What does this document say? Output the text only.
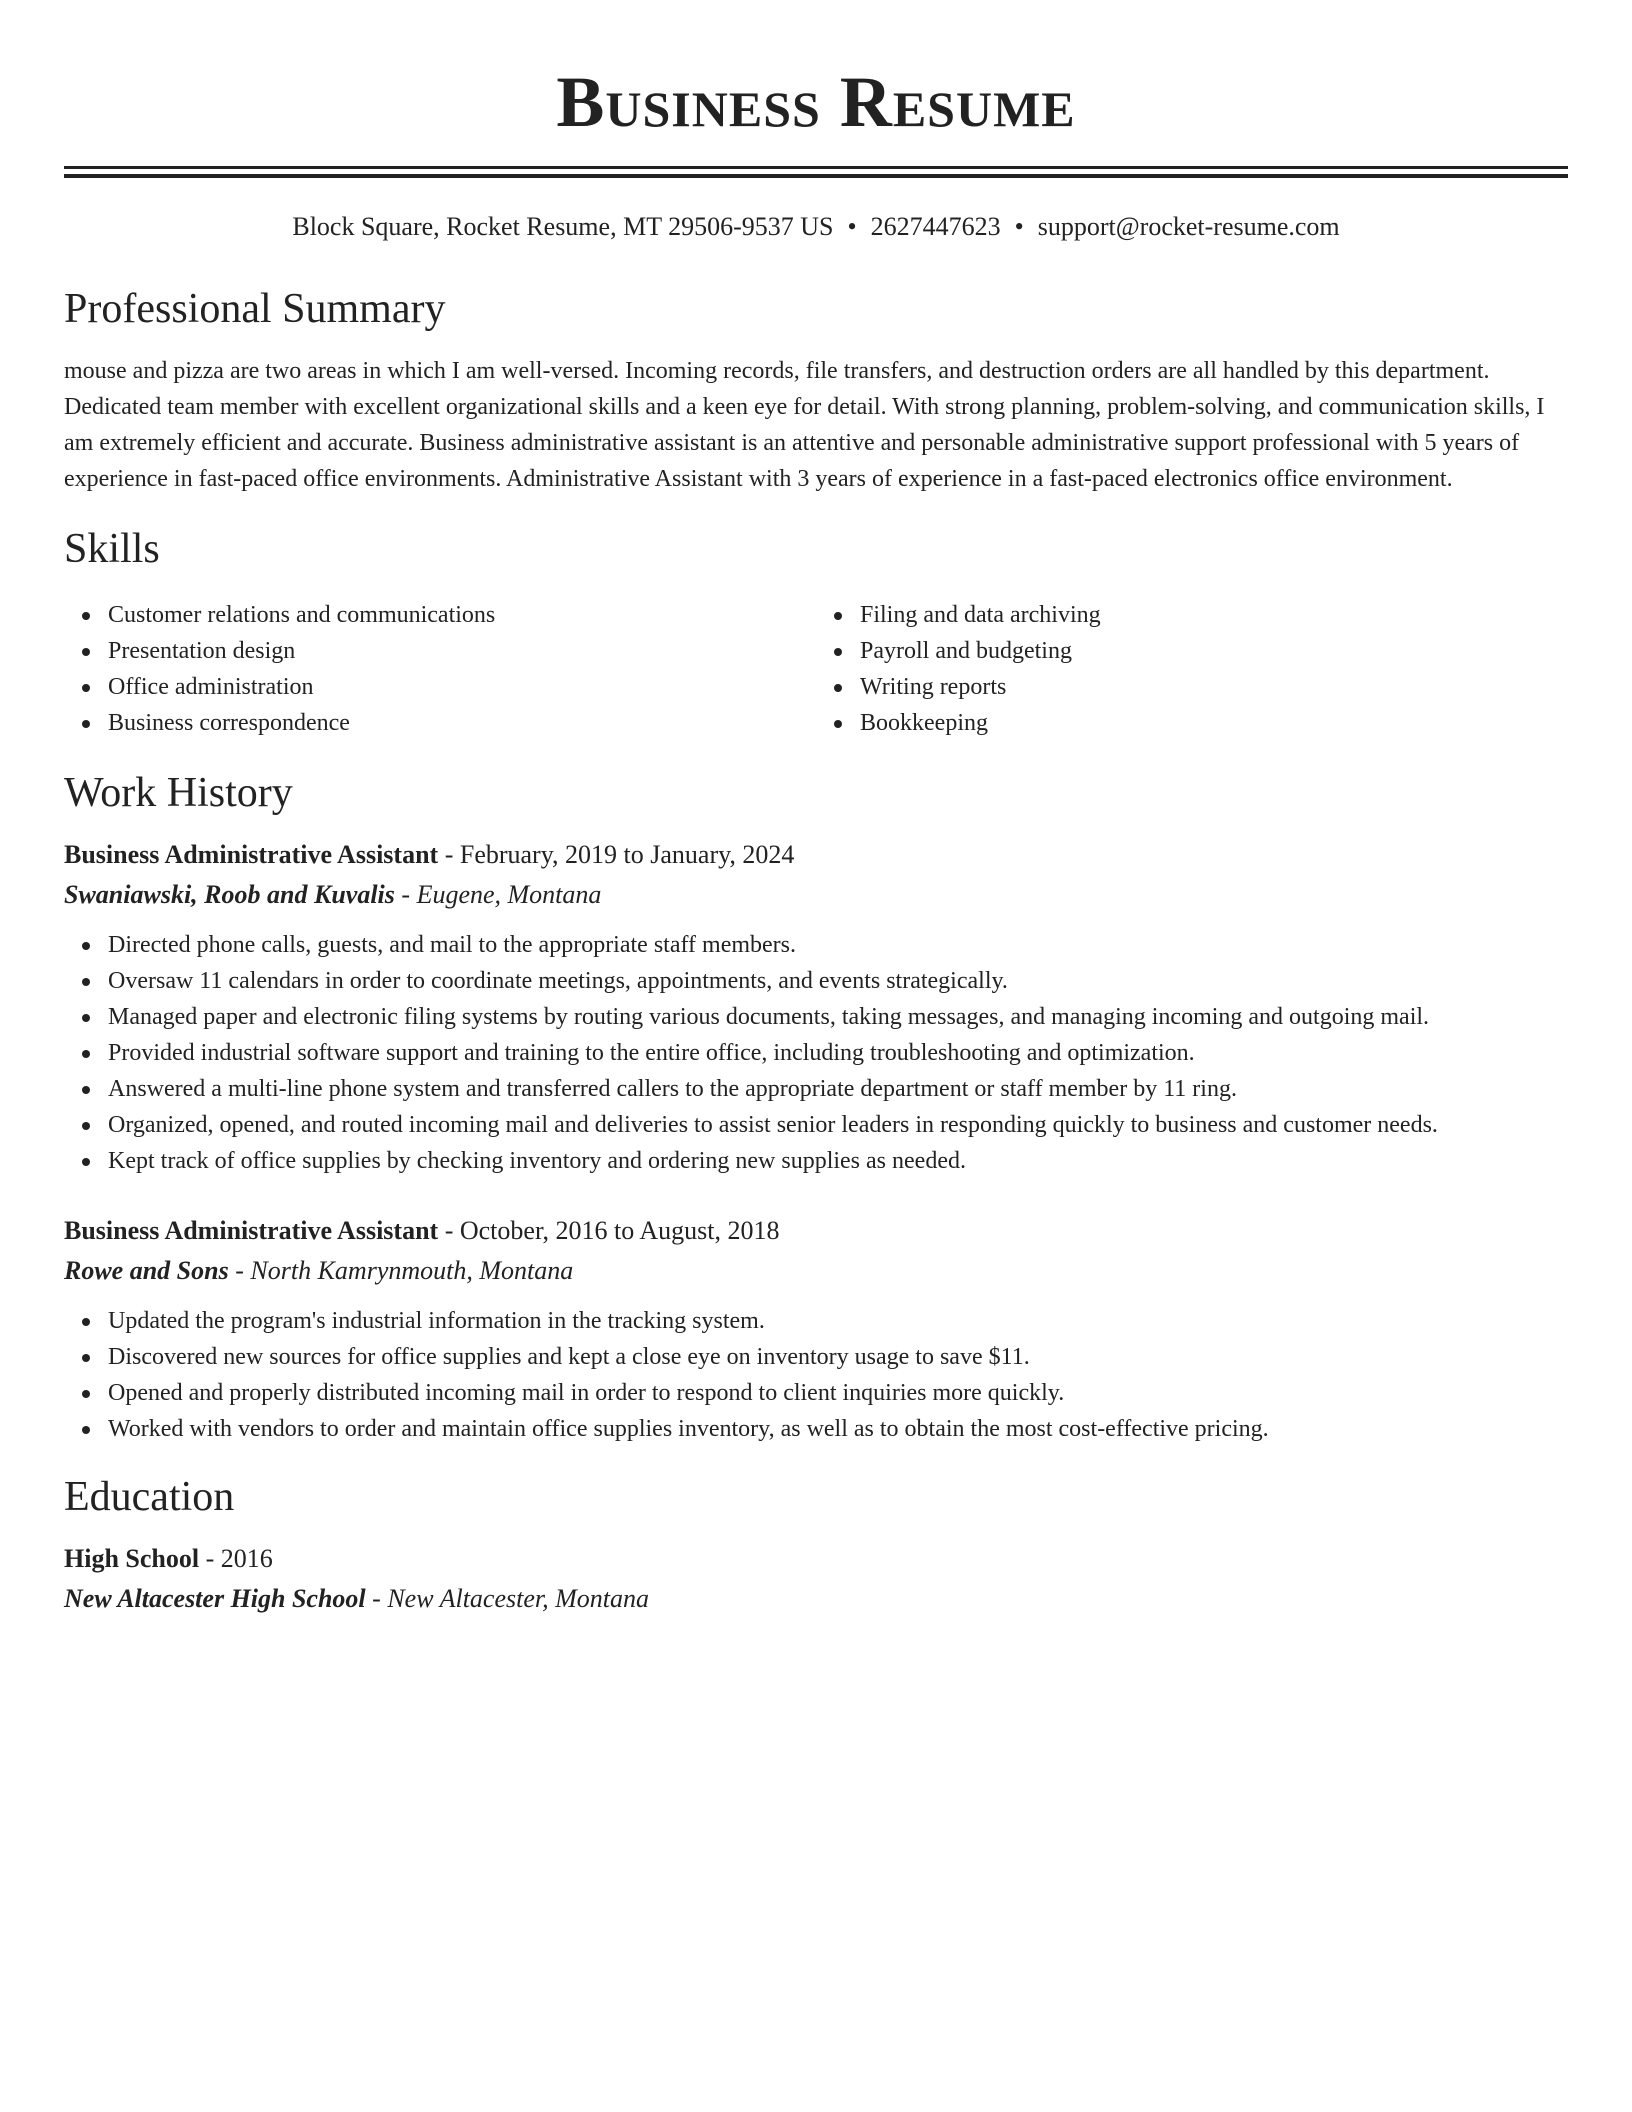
Business Resume
Block Square, Rocket Resume, MT 29506-9537 US • 2627447623 • support@rocket-resume.com
Professional Summary
mouse and pizza are two areas in which I am well-versed. Incoming records, file transfers, and destruction orders are all handled by this department. Dedicated team member with excellent organizational skills and a keen eye for detail. With strong planning, problem-solving, and communication skills, I am extremely efficient and accurate. Business administrative assistant is an attentive and personable administrative support professional with 5 years of experience in fast-paced office environments. Administrative Assistant with 3 years of experience in a fast-paced electronics office environment.
Skills
Customer relations and communications
Presentation design
Office administration
Business correspondence
Filing and data archiving
Payroll and budgeting
Writing reports
Bookkeeping
Work History
Business Administrative Assistant - February, 2019 to January, 2024
Swaniawski, Roob and Kuvalis - Eugene, Montana
Directed phone calls, guests, and mail to the appropriate staff members.
Oversaw 11 calendars in order to coordinate meetings, appointments, and events strategically.
Managed paper and electronic filing systems by routing various documents, taking messages, and managing incoming and outgoing mail.
Provided industrial software support and training to the entire office, including troubleshooting and optimization.
Answered a multi-line phone system and transferred callers to the appropriate department or staff member by 11 ring.
Organized, opened, and routed incoming mail and deliveries to assist senior leaders in responding quickly to business and customer needs.
Kept track of office supplies by checking inventory and ordering new supplies as needed.
Business Administrative Assistant - October, 2016 to August, 2018
Rowe and Sons - North Kamrynmouth, Montana
Updated the program's industrial information in the tracking system.
Discovered new sources for office supplies and kept a close eye on inventory usage to save $11.
Opened and properly distributed incoming mail in order to respond to client inquiries more quickly.
Worked with vendors to order and maintain office supplies inventory, as well as to obtain the most cost-effective pricing.
Education
High School - 2016
New Altacester High School - New Altacester, Montana
